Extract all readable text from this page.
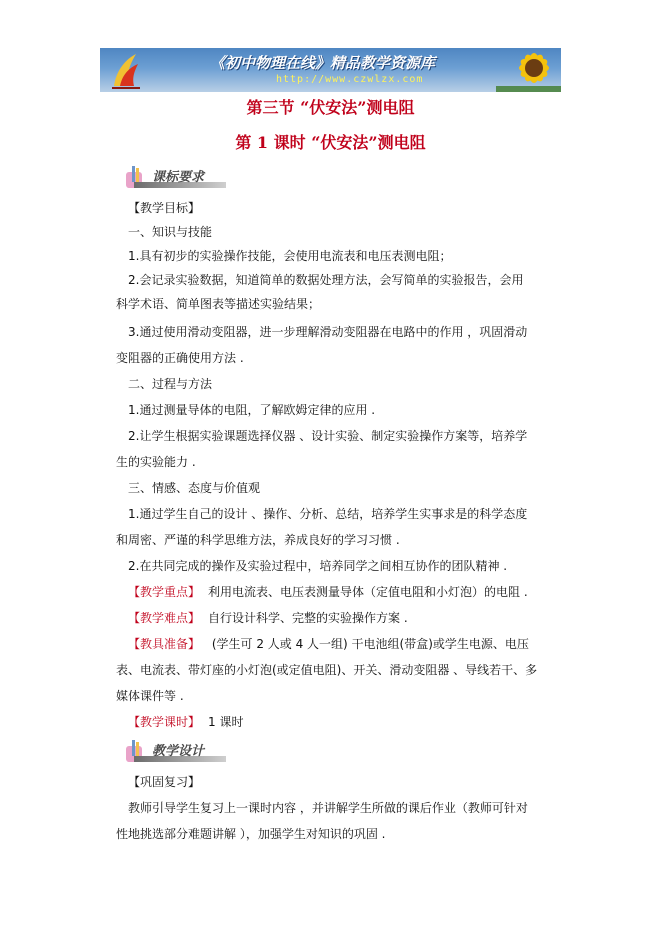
《初中物理在线》精品教学资源库
http://www.czwlzx.com
第三节 “伏安法”测电阻
第 1 课时 “伏安法”测电阻
课标要求
【教学目标】
一、知识与技能
1.具有初步的实验操作技能，会使用电流表和电压表测电阻；
2.会记录实验数据，知道简单的数据处理方法，会写简单的实验报告，会用
科学术语、简单图表等描述实验结果；
3.通过使用滑动变阻器，进一步理解滑动变阻器在电路中的作用 ，巩固滑动
变阻器的正确使用方法 .
二、过程与方法
1.通过测量导体的电阻，了解欧姆定律的应用 .
2.让学生根据实验课题选择仪器 、设计实验、制定实验操作方案等，培养学
生的实验能力 .
三、情感、态度与价值观
1.通过学生自己的设计 、操作、分析、总结，培养学生实事求是的科学态度
和周密、严谨的科学思维方法，养成良好的学习习惯 .
2.在共同完成的操作及实验过程中，培养同学之间相互协作的团队精神 .
【教学重点】 利用电流表、电压表测量导体（定值电阻和小灯泡）的电阻 .
【教学难点】 自行设计科学、完整的实验操作方案 .
【教具准备】 (学生可 2 人或 4 人一组) 干电池组(带盒)或学生电源、电压
表、电流表、带灯座的小灯泡(或定值电阻)、开关、滑动变阻器 、导线若干、多
媒体课件等 .
【教学课时】 1 课时
教学设计
【巩固复习】
教师引导学生复习上一课时内容 ，并讲解学生所做的课后作业（教师可针对
性地挑选部分难题讲解 ），加强学生对知识的巩固 .
